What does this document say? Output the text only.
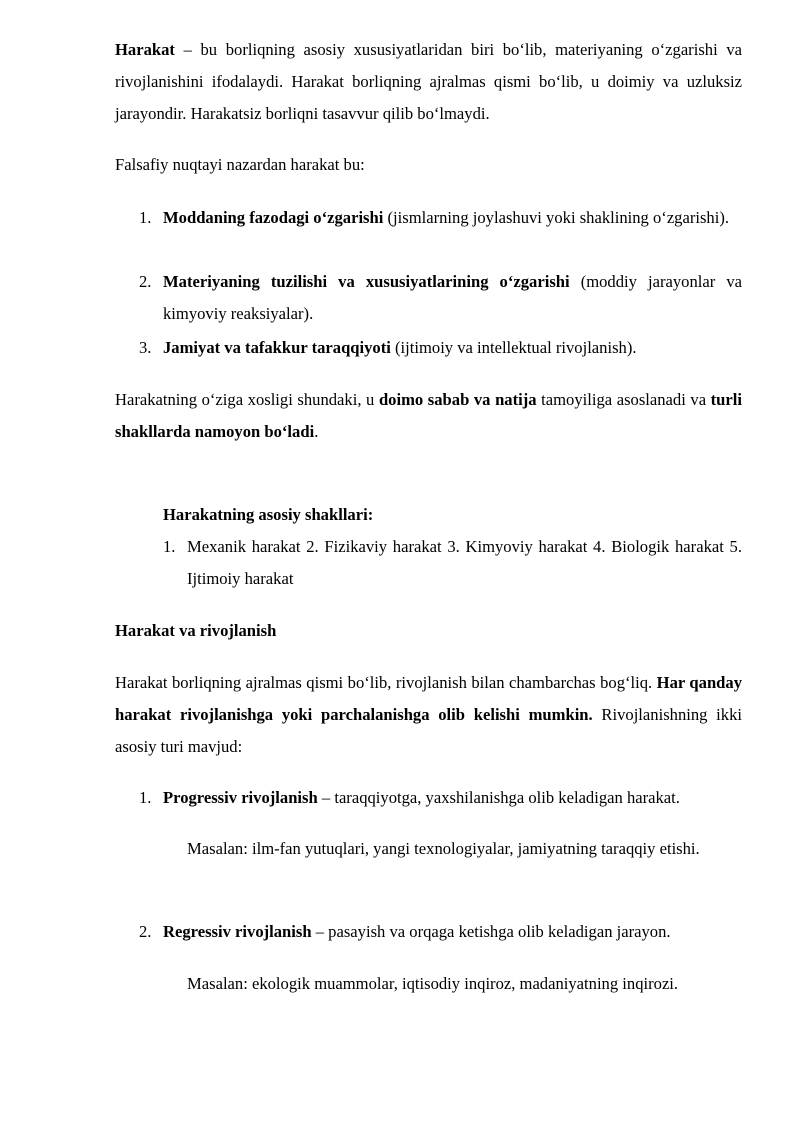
Harakat – bu borliqning asosiy xususiyatlaridan biri bo‘lib, materiyaning o‘zgarishi va rivojlanishini ifodalaydi. Harakat borliqning ajralmas qismi bo‘lib, u doimiy va uzluksiz jarayondir. Harakatsiz borliqni tasavvur qilib bo‘lmaydi.

Falsafiy nuqtayi nazardan harakat bu:

1. Moddaning fazodagi o‘zgarishi (jismlarning joylashuvi yoki shaklining o‘zgarishi).

2. Materiyaning tuzilishi va xususiyatlarining o‘zgarishi (moddiy jarayonlar va kimyoviy reaksiyalar).

3. Jamiyat va tafakkur taraqqiyoti (ijtimoiy va intellektual rivojlanish).

Harakatning o‘ziga xosligi shundaki, u doimo sabab va natija tamoyiliga asoslanadi va turli shakllarda namoyon bo‘ladi.

Harakatning asosiy shakllari:

1. Mexanik harakat 2. Fizikaviy harakat 3. Kimyoviy harakat 4. Biologik harakat 5. Ijtimoiy harakat

Harakat va rivojlanish

Harakat borliqning ajralmas qismi bo‘lib, rivojlanish bilan chambarchas bog‘liq. Har qanday harakat rivojlanishga yoki parchalanishga olib kelishi mumkin. Rivojlanishning ikki asosiy turi mavjud:

1. Progressiv rivojlanish – taraqqiyotga, yaxshilanishga olib keladigan harakat.

Masalan: ilm-fan yutuqlari, yangi texnologiyalar, jamiyatning taraqqiy etishi.

2. Regressiv rivojlanish – pasayish va orqaga ketishga olib keladigan jarayon.

Masalan: ekologik muammolar, iqtisodiy inqiroz, madaniyatning inqirozi.
